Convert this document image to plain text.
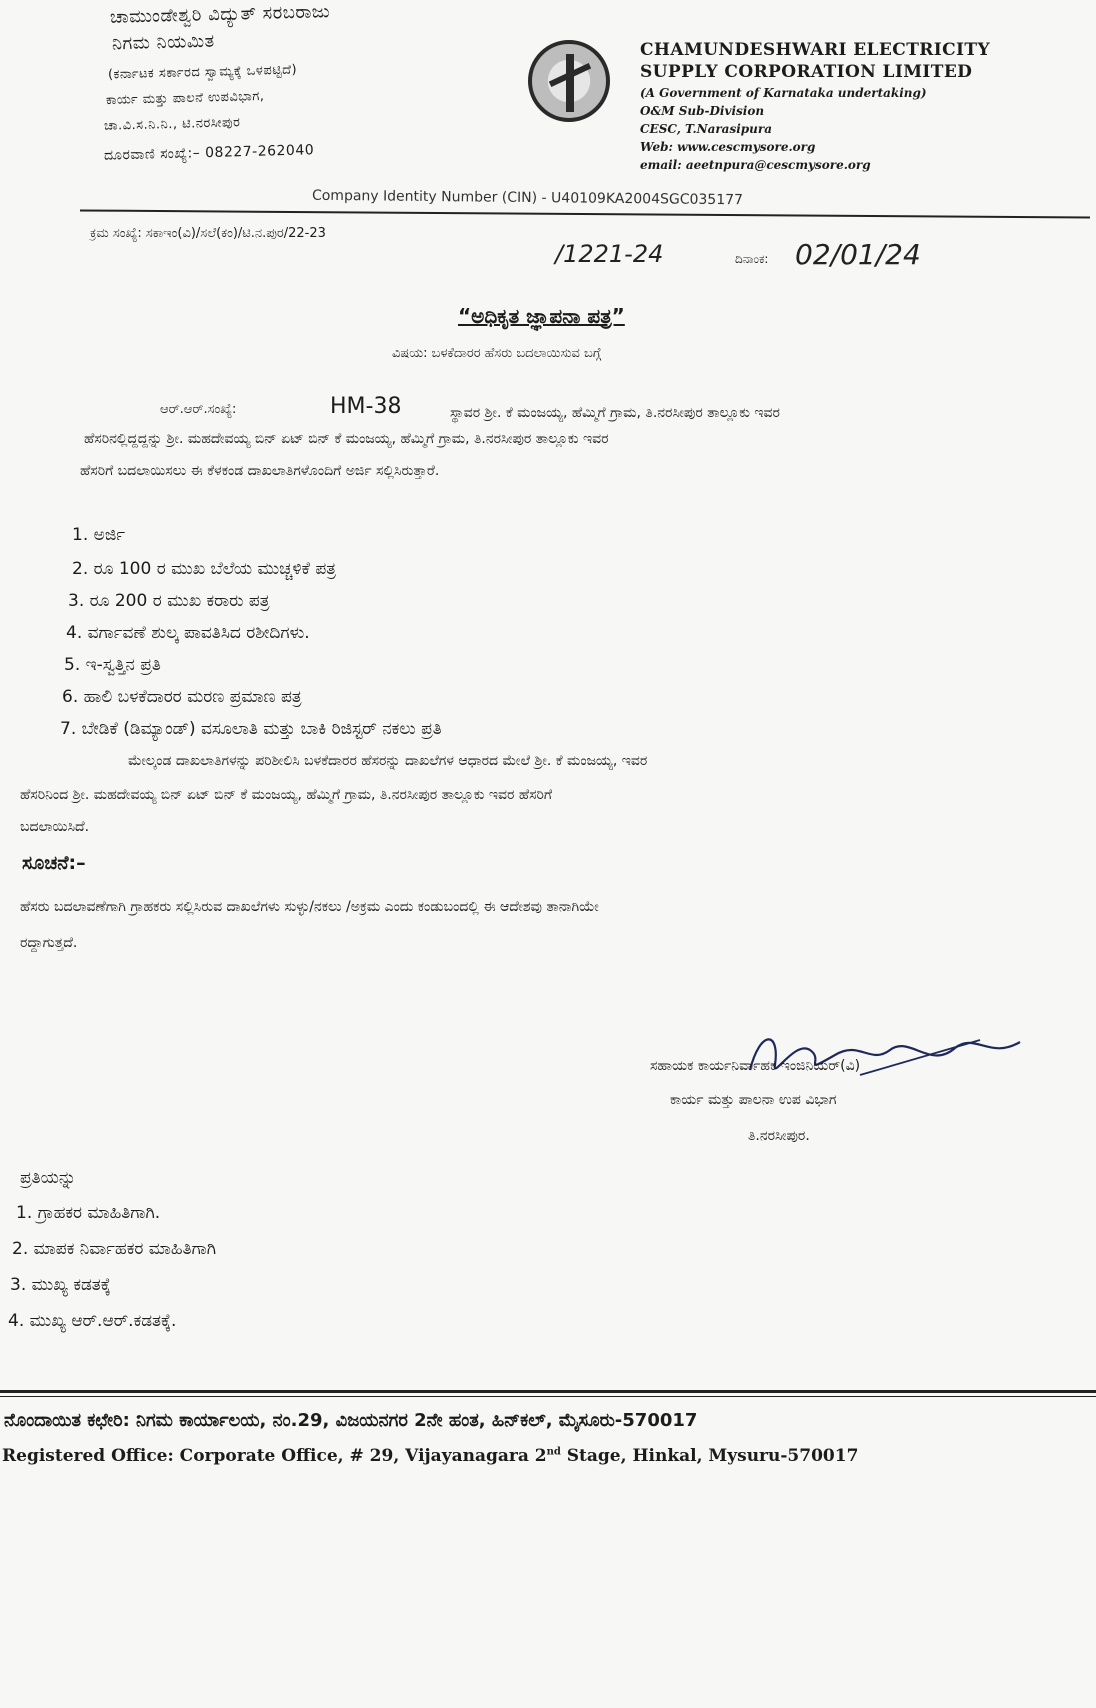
ಚಾಮುಂಡೇಶ್ವರಿ ವಿದ್ಯುತ್ ಸರಬರಾಜು
ನಿಗಮ ನಿಯಮಿತ
(ಕರ್ನಾಟಕ ಸರ್ಕಾರದ ಸ್ವಾಮ್ಯಕ್ಕೆ ಒಳಪಟ್ಟಿದೆ)
ಕಾರ್ಯ ಮತ್ತು ಪಾಲನೆ ಉಪವಿಭಾಗ,
ಚಾ.ವಿ.ಸ.ನಿ.ನಿ., ಟಿ.ನರಸೀಪುರ
ದೂರವಾಣಿ ಸಂಖ್ಯೆ:– 08227-262040
CHAMUNDESHWARI ELECTRICITY
SUPPLY CORPORATION LIMITED
(A Government of Karnataka undertaking)
O&M Sub-Division
CESC, T.Narasipura
Web: www.cescmysore.org
email: aeetnpura@cescmysore.org
Company Identity Number (CIN) - U40109KA2004SGC035177
ಕ್ರಮ ಸಂಖ್ಯೆ: ಸಕಾಇಂ(ವಿ)/ಸಲೆ(ಕಂ)/ಟಿ.ನ.ಪುರ/22-23
/1221-24	ದಿನಾಂಕ: 02/01/24
“ಅಧಿಕೃತ ಜ್ಞಾಪನಾ ಪತ್ರ”
ವಿಷಯ: ಬಳಕೆದಾರರ ಹೆಸರು ಬದಲಾಯಿಸುವ ಬಗ್ಗೆ
ಆರ್.ಆರ್.ಸಂಖ್ಯೆ:	HM-38	ಸ್ಥಾವರ ಶ್ರೀ. ಕೆ ಮಂಜಯ್ಯ, ಹೆಮ್ಮಿಗೆ ಗ್ರಾಮ, ತಿ.ನರಸೀಪುರ ತಾಲ್ಲೂಕು ಇವರ
ಹೆಸರಿನಲ್ಲಿದ್ದದ್ದನ್ನು ಶ್ರೀ. ಮಹದೇವಯ್ಯ ಬಿನ್ ಏಟ್ ಬಿನ್ ಕೆ ಮಂಜಯ್ಯ, ಹೆಮ್ಮಿಗೆ ಗ್ರಾಮ, ತಿ.ನರಸೀಪುರ ತಾಲ್ಲೂಕು ಇವರ
ಹೆಸರಿಗೆ ಬದಲಾಯಿಸಲು ಈ ಕೆಳಕಂಡ ದಾಖಲಾತಿಗಳೊಂದಿಗೆ ಅರ್ಜಿ ಸಲ್ಲಿಸಿರುತ್ತಾರೆ.
1. ಅರ್ಜಿ
2. ರೂ 100 ರ ಮುಖ ಬೆಲೆಯ ಮುಚ್ಚಳಿಕೆ ಪತ್ರ
3. ರೂ 200 ರ ಮುಖ ಕರಾರು ಪತ್ರ
4. ವರ್ಗಾವಣೆ ಶುಲ್ಕ ಪಾವತಿಸಿದ ರಶೀದಿಗಳು.
5. ಇ-ಸ್ವತ್ತಿನ ಪ್ರತಿ
6. ಹಾಲಿ ಬಳಕೆದಾರರ ಮರಣ ಪ್ರಮಾಣ ಪತ್ರ
7. ಬೇಡಿಕೆ (ಡಿಮ್ಯಾಂಡ್) ವಸೂಲಾತಿ ಮತ್ತು ಬಾಕಿ ರಿಜಿಸ್ಟರ್ ನಕಲು ಪ್ರತಿ
ಮೇಲ್ಕಂಡ ದಾಖಲಾತಿಗಳನ್ನು ಪರಿಶೀಲಿಸಿ ಬಳಕೆದಾರರ ಹೆಸರನ್ನು ದಾಖಲೆಗಳ ಆಧಾರದ ಮೇಲೆ ಶ್ರೀ. ಕೆ ಮಂಜಯ್ಯ, ಇವರ
ಹೆಸರಿನಿಂದ ಶ್ರೀ. ಮಹದೇವಯ್ಯ ಬಿನ್ ಏಟ್ ಬಿನ್ ಕೆ ಮಂಜಯ್ಯ, ಹೆಮ್ಮಿಗೆ ಗ್ರಾಮ, ತಿ.ನರಸೀಪುರ ತಾಲ್ಲೂಕು ಇವರ ಹೆಸರಿಗೆ
ಬದಲಾಯಿಸಿದೆ.
ಸೂಚನೆ:–
ಹೆಸರು ಬದಲಾವಣೆಗಾಗಿ ಗ್ರಾಹಕರು ಸಲ್ಲಿಸಿರುವ ದಾಖಲೆಗಳು ಸುಳ್ಳು/ನಕಲು /ಅಕ್ರಮ ಎಂದು ಕಂಡುಬಂದಲ್ಲಿ ಈ ಆದೇಶವು ತಾನಾಗಿಯೇ
ರದ್ದಾಗುತ್ತದೆ.
ಸಹಾಯಕ ಕಾರ್ಯನಿರ್ವಾಹಕ ಇಂಜಿನಿಯರ್(ವಿ)
ಕಾರ್ಯ ಮತ್ತು ಪಾಲನಾ ಉಪ ವಿಭಾಗ
ತಿ.ನರಸೀಪುರ.
ಪ್ರತಿಯನ್ನು
1. ಗ್ರಾಹಕರ ಮಾಹಿತಿಗಾಗಿ.
2. ಮಾಪಕ ನಿರ್ವಾಹಕರ ಮಾಹಿತಿಗಾಗಿ
3. ಮುಖ್ಯ ಕಡತಕ್ಕೆ
4. ಮುಖ್ಯ ಆರ್.ಆರ್.ಕಡತಕ್ಕೆ.
ನೊಂದಾಯಿತ ಕಛೇರಿ: ನಿಗಮ ಕಾರ್ಯಾಲಯ, ನಂ.29, ವಿಜಯನಗರ 2ನೇ ಹಂತ, ಹಿನ್‌ಕಲ್, ಮೈಸೂರು-570017
Registered Office: Corporate Office, # 29, Vijayanagara 2nd Stage, Hinkal, Mysuru-570017
